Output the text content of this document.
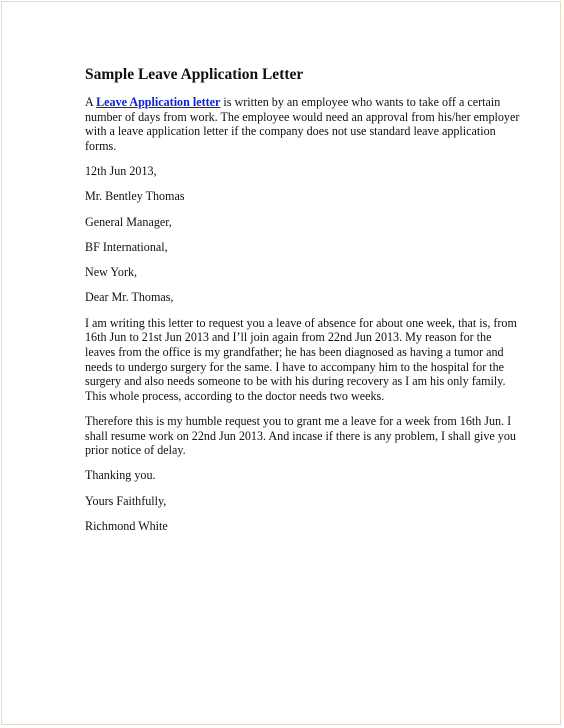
Sample Leave Application Letter
A Leave Application letter is written by an employee who wants to take off a certain
number of days from work. The employee would need an approval from his/her employer
with a leave application letter if the company does not use standard leave application
forms.
12th Jun 2013,
Mr. Bentley Thomas
General Manager,
BF International,
New York,
Dear Mr. Thomas,
I am writing this letter to request you a leave of absence for about one week, that is, from
16th Jun to 21st Jun 2013 and I’ll join again from 22nd Jun 2013. My reason for the
leaves from the office is my grandfather; he has been diagnosed as having a tumor and
needs to undergo surgery for the same. I have to accompany him to the hospital for the
surgery and also needs someone to be with his during recovery as I am his only family.
This whole process, according to the doctor needs two weeks.
Therefore this is my humble request you to grant me a leave for a week from 16th Jun. I
shall resume work on 22nd Jun 2013. And incase if there is any problem, I shall give you
prior notice of delay.
Thanking you.
Yours Faithfully,
Richmond White
